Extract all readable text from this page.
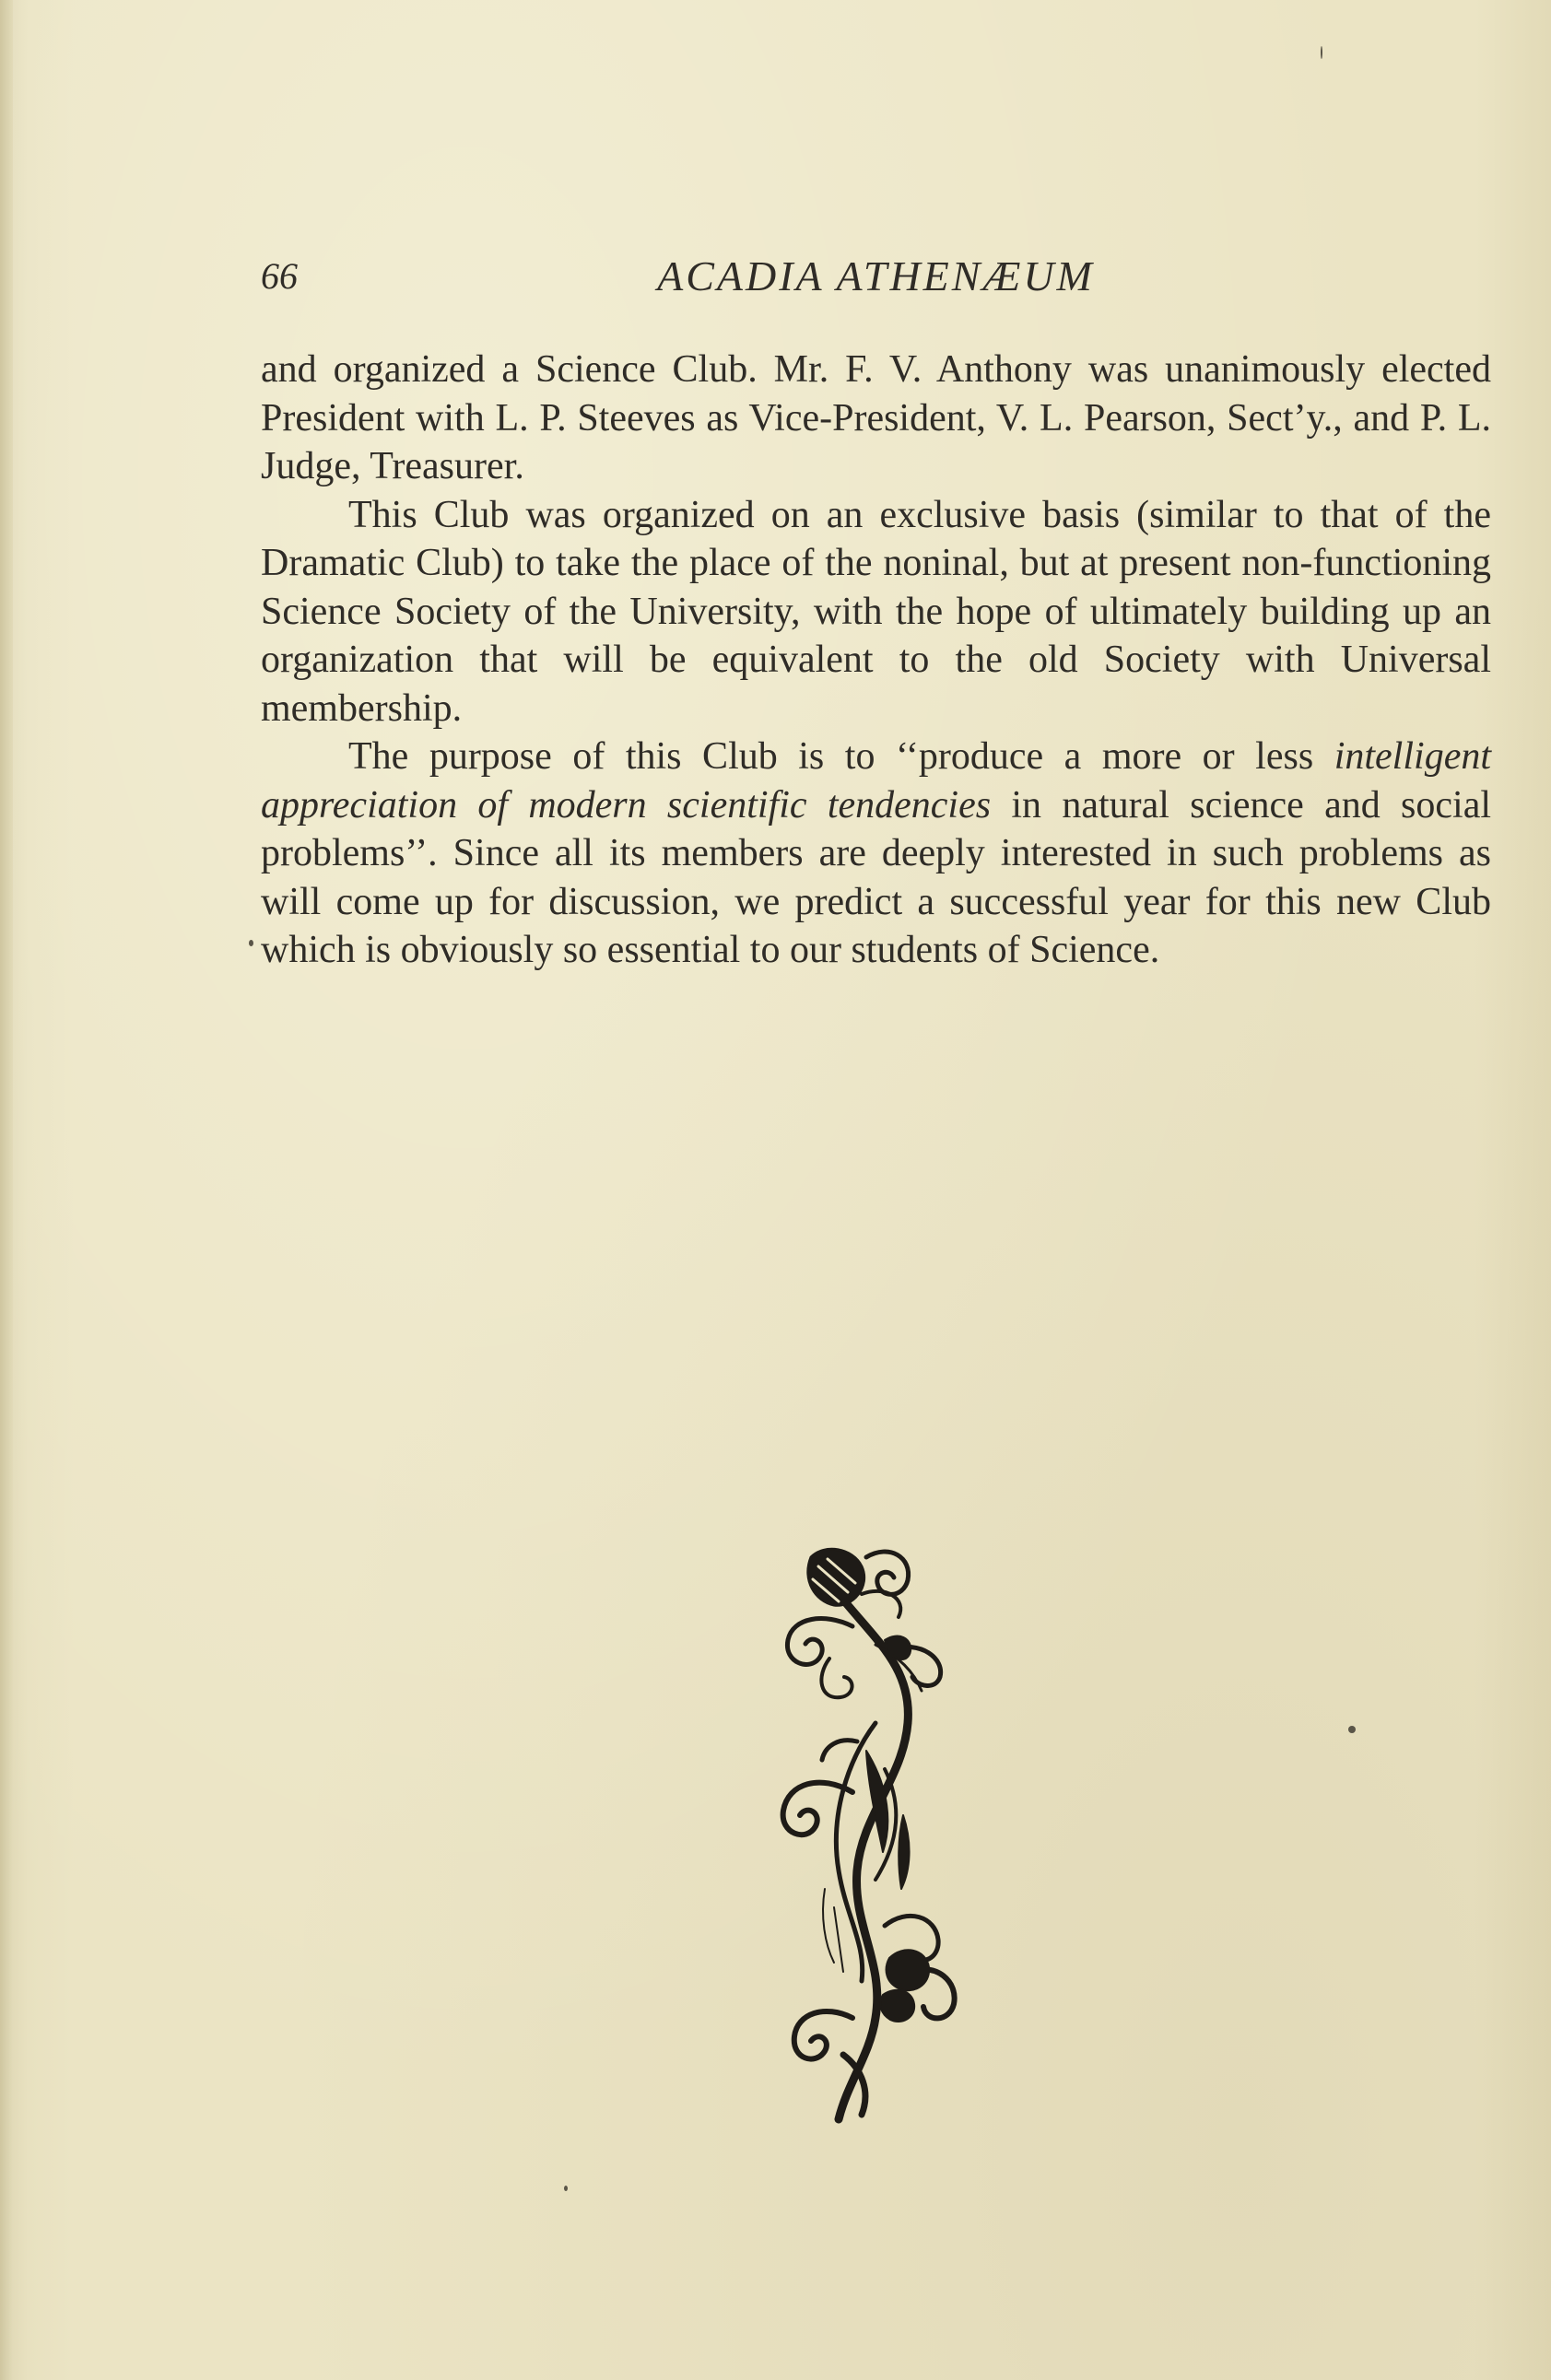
66	ACADIA ATHENÆUM

and organized a Science Club. Mr. F. V. Anthony was unanimously elected President with L. P. Steeves as Vice-President, V. L. Pearson, Sect’y., and P. L. Judge, Treasurer.

This Club was organized on an exclusive basis (similar to that of the Dramatic Club) to take the place of the noninal, but at present non-functioning Science Society of the University, with the hope of ultimately building up an organization that will be equivalent to the old Society with Universal membership.

The purpose of this Club is to ‘‘produce a more or less intelligent appreciation of modern scientific tendencies in natural science and social problems’’. Since all its members are deeply interested in such problems as will come up for discussion, we predict a successful year for this new Club which is obviously so essential to our students of Science.
